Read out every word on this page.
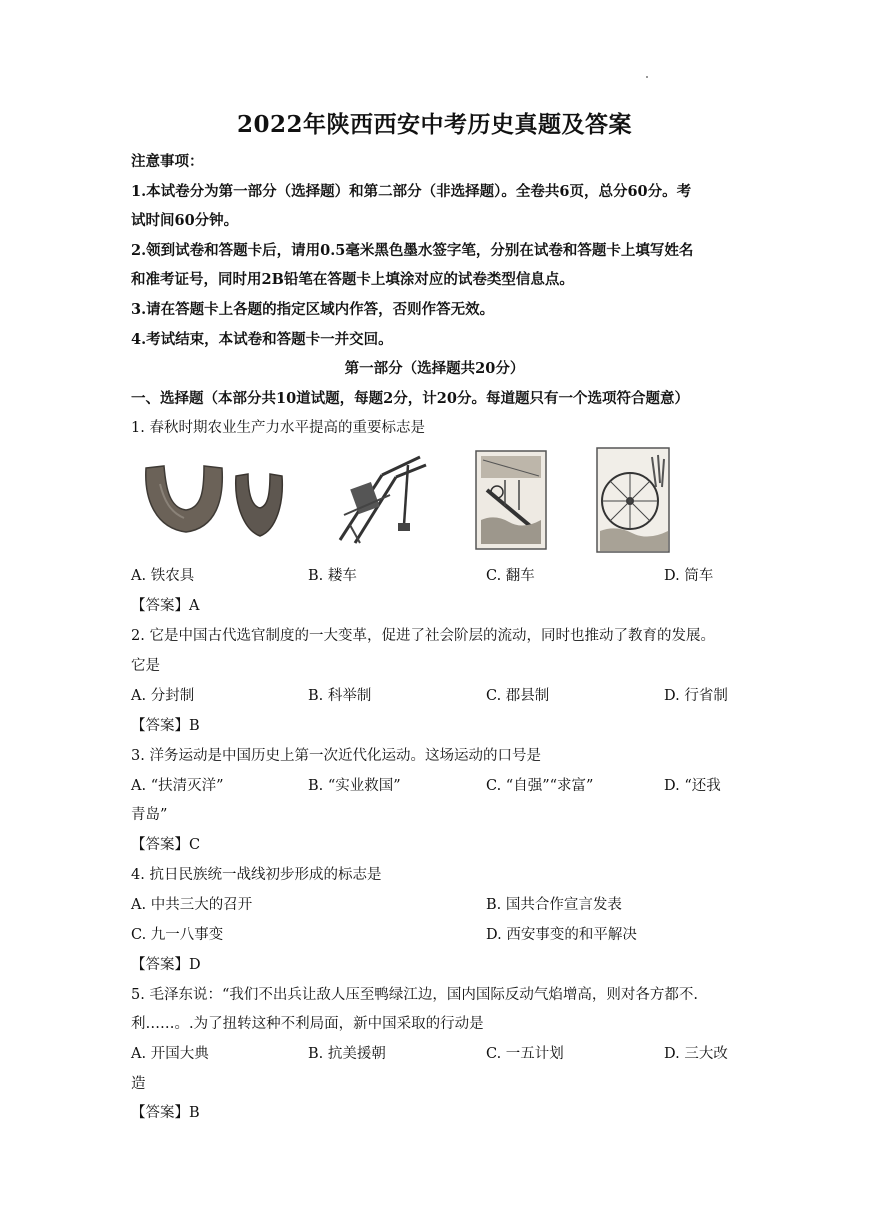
2022年陕西西安中考历史真题及答案
注意事项：
1.本试卷分为第一部分（选择题）和第二部分（非选择题）。全卷共6页，总分60分。考
试时间60分钟。
2.领到试卷和答题卡后，请用0.5毫米黑色墨水签字笔，分别在试卷和答题卡上填写姓名
和准考证号，同时用2B铅笔在答题卡上填涂对应的试卷类型信息点。
3.请在答题卡上各题的指定区域内作答，否则作答无效。
4.考试结束，本试卷和答题卡一并交回。
第一部分（选择题共20分）
一、选择题（本部分共10道试题，每题2分，计20分。每道题只有一个选项符合题意）
1. 春秋时期农业生产力水平提高的重要标志是
A. 铁农具	B. 耧车	C. 翻车	D. 筒车
【答案】A
2. 它是中国古代选官制度的一大变革，促进了社会阶层的流动，同时也推动了教育的发展。
它是
A. 分封制	B. 科举制	C. 郡县制	D. 行省制
【答案】B
3. 洋务运动是中国历史上第一次近代化运动。这场运动的口号是
A. “扶清灭洋”	B. “实业救国”	C. “自强”“求富”	D. “还我
青岛”
【答案】C
4. 抗日民族统一战线初步形成的标志是
A. 中共三大的召开	B. 国共合作宣言发表
C. 九一八事变	D. 西安事变的和平解决
【答案】D
5. 毛泽东说：“我们不出兵让敌人压至鸭绿江边，国内国际反动气焰增高，则对各方都不.
利……。.为了扭转这种不利局面，新中国采取的行动是
A. 开国大典	B. 抗美援朝	C. 一五计划	D. 三大改
造
【答案】B
